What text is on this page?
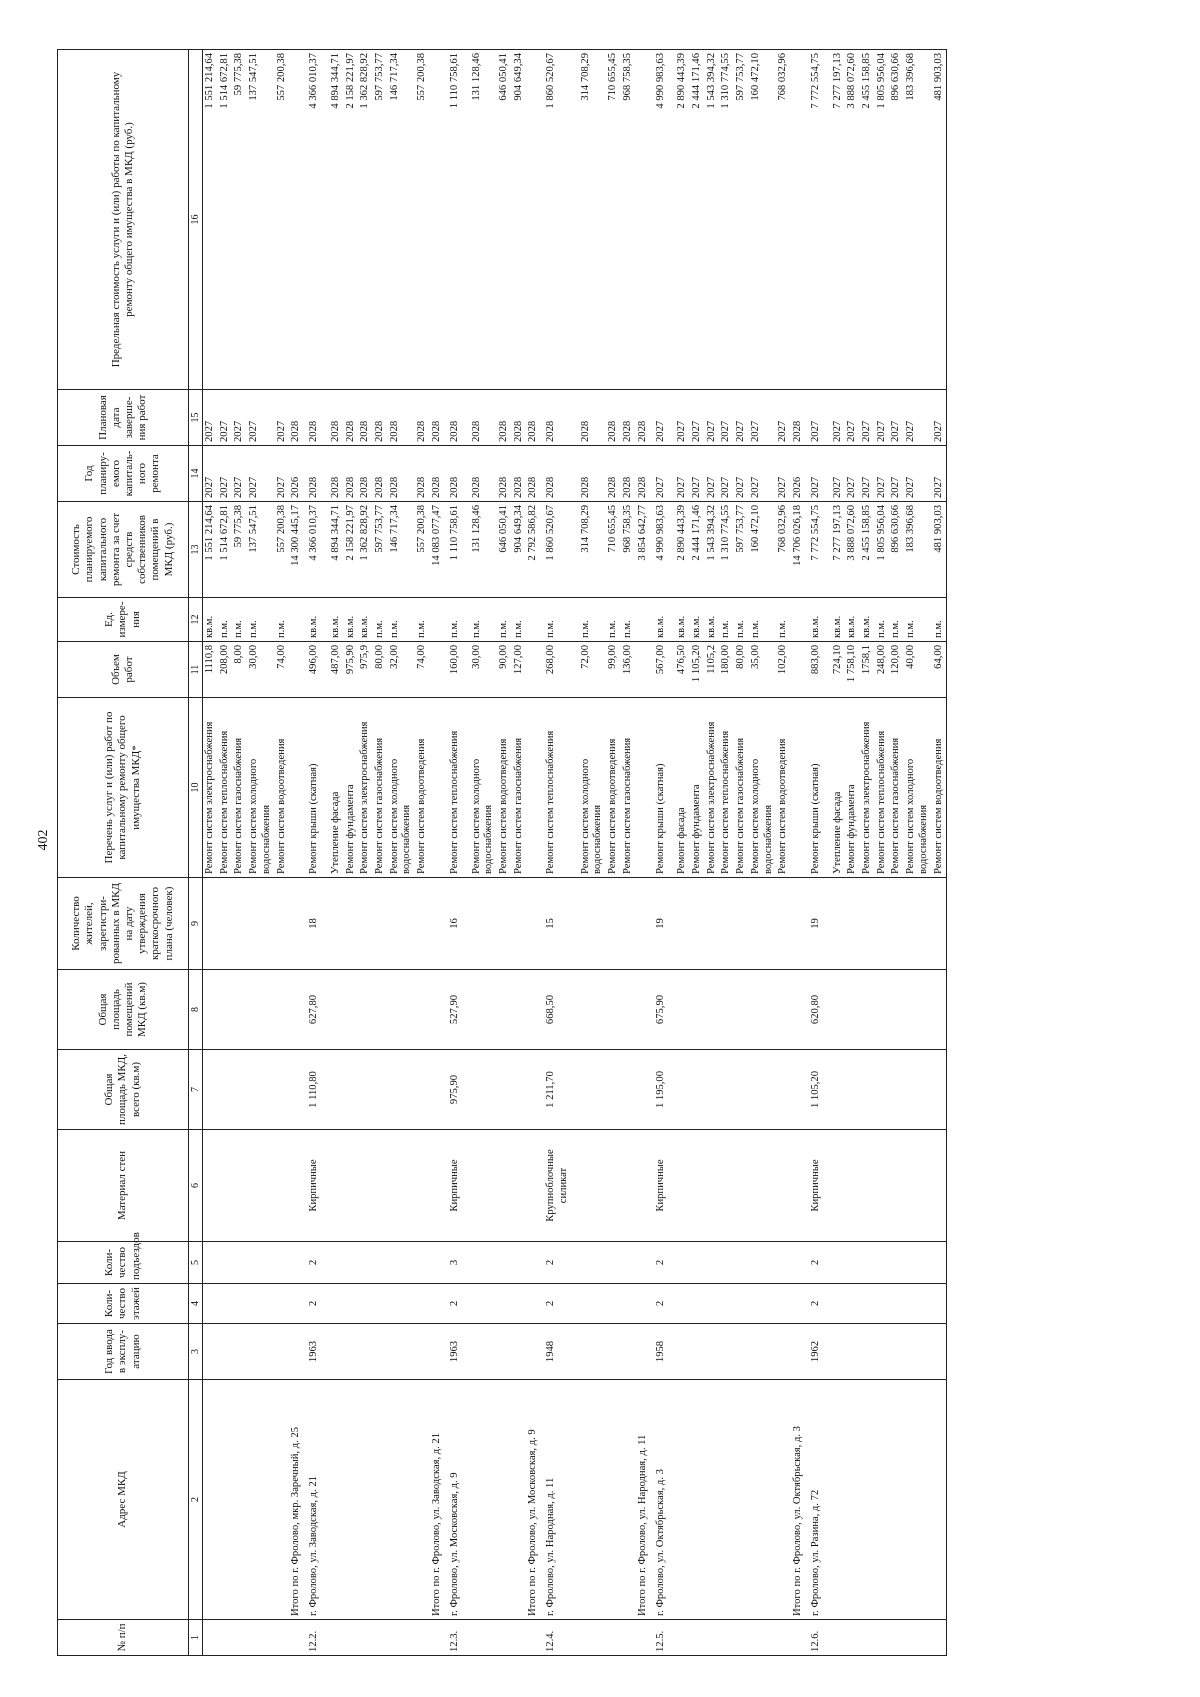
402
№ п/п	Адрес МКД	Год ввода в эксплу-атацию	Коли-чество этажей	Коли-чество подъездов	Материал стен	Общая площадь МКД, всего (кв.м)	Общая площадь помещений МКД (кв.м)	Количество жителей, зарегистри-рованных в МКД на дату утверждения краткосрочного плана (человек)	Перечень услуг и (или) работ по капитальному ремонту общего имущества МКД*	Объем работ	Ед. измере-ния	Стоимость планируемого капитального ремонта за счет средств собственников помещений в МКД (руб.)	Год планиру-емого капиталь-ного ремонта	Плановая дата заверше-ния работ	Предельная стоимость услуги и (или) работы по капитальному ремонту общего имущества в МКД (руб.)
1	2	3	4	5	6	7	8	9	10	11	12	13	14	15	16
									Ремонт систем электроснабжения	1110,8	кв.м.	1 551 214,64	2027	2027	1 551 214,64
									Ремонт систем теплоснабжения	208,00	п.м.	1 514 672,81	2027	2027	1 514 672,81
									Ремонт систем газоснабжения	8,00	п.м.	59 775,38	2027	2027	59 775,38
									Ремонт систем холодного водоснабжения	30,00	п.м.	137 547,51	2027	2027	137 547,51
									Ремонт систем водоотведения	74,00	п.м.	557 200,38	2027	2027	557 200,38
	Итого по г. Фролово, мкр. Заречный, д. 25											14 300 445,17	2026	2028	
12.2.	г. Фролово, ул. Заводская, д. 21	1963	2	2	Кирпичные	1 110,80	627,80	18	Ремонт крыши (скатная)	496,00	кв.м.	4 366 010,37	2028	2028	4 366 010,37
									Утепление фасада	487,00	кв.м.	4 894 344,71	2028	2028	4 894 344,71
									Ремонт фундамента	975,90	кв.м.	2 158 221,97	2028	2028	2 158 221,97
									Ремонт систем электроснабжения	975,9	кв.м.	1 362 828,92	2028	2028	1 362 828,92
									Ремонт систем газоснабжения	80,00	п.м.	597 753,77	2028	2028	597 753,77
									Ремонт систем холодного водоснабжения	32,00	п.м.	146 717,34	2028	2028	146 717,34
									Ремонт систем водоотведения	74,00	п.м.	557 200,38	2028	2028	557 200,38
	Итого по г. Фролово, ул. Заводская, д. 21											14 083 077,47	2028	2028	
12.3.	г. Фролово, ул. Московская, д. 9	1963	2	3	Кирпичные	975,90	527,90	16	Ремонт систем теплоснабжения	160,00	п.м.	1 110 758,61	2028	2028	1 110 758,61
									Ремонт систем холодного водоснабжения	30,00	п.м.	131 128,46	2028	2028	131 128,46
									Ремонт систем водоотведения	90,00	п.м.	646 050,41	2028	2028	646 050,41
									Ремонт систем газоснабжения	127,00	п.м.	904 649,34	2028	2028	904 649,34
	Итого по г. Фролово, ул. Московская, д. 9											2 792 586,82	2028	2028	
12.4.	г. Фролово, ул. Народная, д. 11	1948	2	2	Крупноблочные силикат	1 211,70	668,50	15	Ремонт систем теплоснабжения	268,00	п.м.	1 860 520,67	2028	2028	1 860 520,67
									Ремонт систем холодного водоснабжения	72,00	п.м.	314 708,29	2028	2028	314 708,29
									Ремонт систем водоотведения	99,00	п.м.	710 655,45	2028	2028	710 655,45
									Ремонт систем газоснабжения	136,00	п.м.	968 758,35	2028	2028	968 758,35
	Итого по г. Фролово, ул. Народная, д. 11											3 854 642,77	2028	2028	
12.5.	г. Фролово, ул. Октябрьская, д. 3	1958	2	2	Кирпичные	1 195,00	675,90	19	Ремонт крыши (скатная)	567,00	кв.м.	4 990 983,63	2027	2027	4 990 983,63
									Ремонт фасада	476,50	кв.м.	2 890 443,39	2027	2027	2 890 443,39
									Ремонт фундамента	1 105,20	кв.м.	2 444 171,46	2027	2027	2 444 171,46
									Ремонт систем электроснабжения	1105,2	кв.м.	1 543 394,32	2027	2027	1 543 394,32
									Ремонт систем теплоснабжения	180,00	п.м.	1 310 774,55	2027	2027	1 310 774,55
									Ремонт систем газоснабжения	80,00	п.м.	597 753,77	2027	2027	597 753,77
									Ремонт систем холодного водоснабжения	35,00	п.м.	160 472,10	2027	2027	160 472,10
									Ремонт систем водоотведения	102,00	п.м.	768 032,96	2027	2027	768 032,96
	Итого по г. Фролово, ул. Октябрьская, д. 3											14 706 026,18	2026	2028	
12.6.	г. Фролово, ул. Разина, д. 72	1962	2	2	Кирпичные	1 105,20	620,80	19	Ремонт крыши (скатная)	883,00	кв.м.	7 772 554,75	2027	2027	7 772 554,75
									Утепление фасада	724,10	кв.м.	7 277 197,13	2027	2027	7 277 197,13
									Ремонт фундамента	1 758,10	кв.м.	3 888 072,60	2027	2027	3 888 072,60
									Ремонт систем электроснабжения	1758,1	кв.м.	2 455 158,85	2027	2027	2 455 158,85
									Ремонт систем теплоснабжения	248,00	п.м.	1 805 956,04	2027	2027	1 805 956,04
									Ремонт систем газоснабжения	120,00	п.м.	896 630,66	2027	2027	896 630,66
									Ремонт систем холодного водоснабжения	40,00	п.м.	183 396,68	2027	2027	183 396,68
									Ремонт систем водоотведения	64,00	п.м.	481 903,03	2027	2027	481 903,03
